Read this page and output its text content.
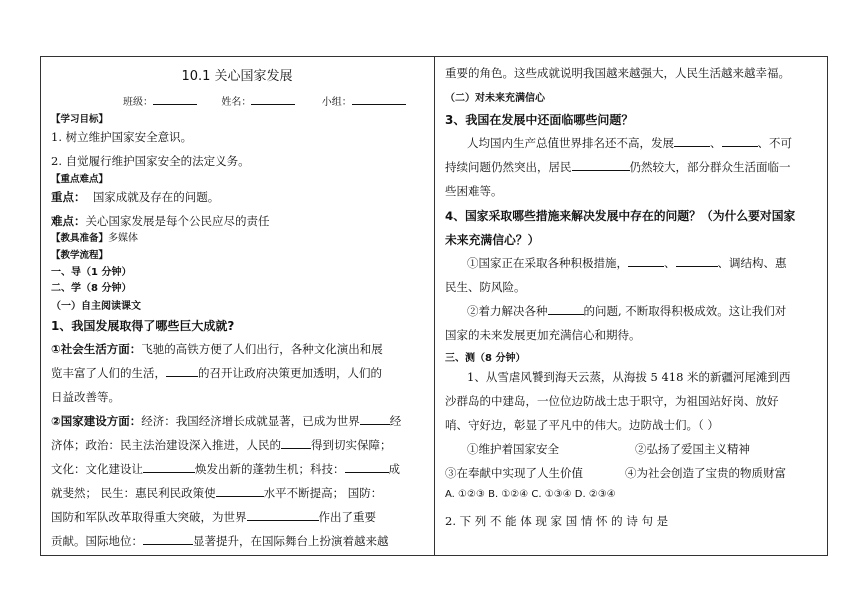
10.1 关心国家发展
班级：	姓名：	小组：
【学习目标】
1. 树立维护国家安全意识。
2. 自觉履行维护国家安全的法定义务。
【重点难点】
重点： 国家成就及存在的问题。
难点：关心国家发展是每个公民应尽的责任
【教具准备】多媒体
【教学流程】
一、导（1 分钟）
二、学（8 分钟）
（一）自主阅读课文
1、我国发展取得了哪些巨大成就?
①社会生活方面：飞驰的高铁方便了人们出行，各种文化演出和展
览丰富了人们的生活，	的召开让政府决策更加透明，人们的
日益改善等。
②国家建设方面：经济：我国经济增长成就显著，已成为世界	经
济体；政治：民主法治建设深入推进，人民的	得到切实保障；
文化：文化建设让	焕发出新的蓬勃生机；科技：	成
就斐然； 民生：惠民利民政策使	水平不断提高； 国防：
国防和军队改革取得重大突破，为世界	作出了重要
贡献。国际地位：	显著提升，在国际舞台上扮演着越来越
重要的角色。这些成就说明我国越来越强大，人民生活越来越幸福。
（二）对未来充满信心
3、我国在发展中还面临哪些问题？
人均国内生产总值世界排名还不高，发展	、	、不可
持续问题仍然突出，居民	仍然较大，部分群众生活面临一
些困难等。
4、国家采取哪些措施来解决发展中存在的问题？（为什么要对国家
未来充满信心？）
①国家正在采取各种积极措施，	、	、调结构、惠
民生、防风险。
②着力解决各种	的问题, 不断取得积极成效。这让我们对
国家的未来发展更加充满信心和期待。
三、测（8 分钟）
1、从雪虐风饕到海天云蒸，从海拔 5 418 米的新疆河尾滩到西
沙群岛的中建岛，一位位边防战士忠于职守，为祖国站好岗、放好
哨、守好边，彰显了平凡中的伟大。边防战士们。（ ）
①维护着国家安全	②弘扬了爱国主义精神
③在奉献中实现了人生价值	④为社会创造了宝贵的物质财富
A. ①②③ B. ①②④ C. ①③④ D. ②③④
2. 下 列 不 能 体 现 家 国 情 怀 的 诗 句 是
